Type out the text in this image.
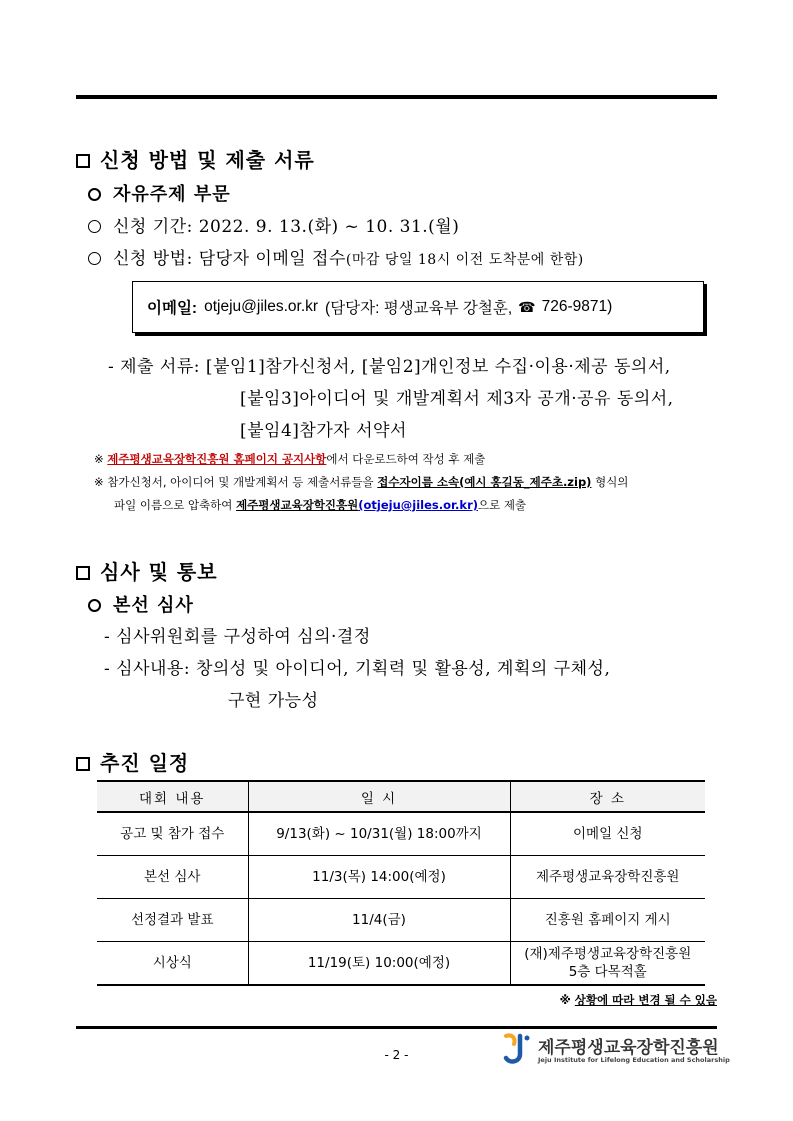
신청 방법 및 제출 서류
자유주제 부문
신청 기간: 2022. 9. 13.(화) ~ 10. 31.(월)
신청 방법: 담당자 이메일 접수(마감 당일 18시 이전 도착분에 한함)
이메일: otjeju@jiles.or.kr (담당자: 평생교육부 강철훈, ☎ 726-9871)
- 제출 서류: [붙임1]참가신청서, [붙임2]개인정보 수집·이용·제공 동의서,
[붙임3]아이디어 및 개발계획서 제3자 공개·공유 동의서,
[붙임4]참가자 서약서
※ 제주평생교육장학진흥원 홈페이지 공지사항에서 다운로드하여 작성 후 제출
※ 참가신청서, 아이디어 및 개발계획서 등 제출서류들을 접수자이름 소속(예시 홍길동_제주초.zip) 형식의
파일 이름으로 압축하여 제주평생교육장학진흥원(otjeju@jiles.or.kr)으로 제출
심사 및 통보
본선 심사
- 심사위원회를 구성하여 심의·결정
- 심사내용: 창의성 및 아이디어, 기획력 및 활용성, 계획의 구체성,
구현 가능성
추진 일정
대회 내용	일 시	장 소
공고 및 참가 접수	9/13(화) ~ 10/31(월) 18:00까지	이메일 신청
본선 심사	11/3(목) 14:00(예정)	제주평생교육장학진흥원
선정결과 발표	11/4(금)	진흥원 홈페이지 게시
시상식	11/19(토) 10:00(예정)	(재)제주평생교육장학진흥원
5층 다목적홀
※ 상황에 따라 변경 될 수 있음
- 2 -	제주평생교육장학진흥원
Jeju Institute for Lifelong Education and Scholarship
